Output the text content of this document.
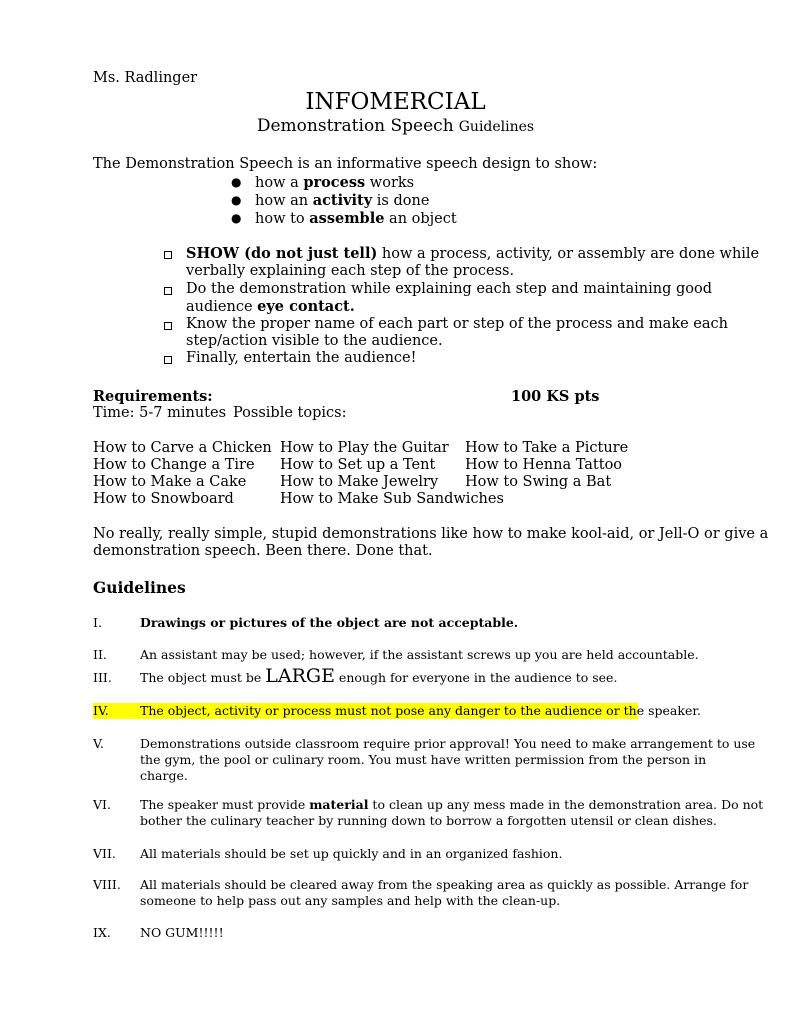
Ms. Radlinger
INFOMERCIAL
Demonstration Speech Guidelines
The Demonstration Speech is an informative speech design to show:
● how a process works
● how an activity is done
● how to assemble an object
SHOW (do not just tell) how a process, activity, or assembly are done while
verbally explaining each step of the process.
Do the demonstration while explaining each step and maintaining good
audience eye contact.
Know the proper name of each part or step of the process and make each
step/action visible to the audience.
Finally, entertain the audience!
Requirements:	100 KS pts
Time: 5-7 minutes Possible topics:
How to Carve a Chicken How to Play the Guitar How to Take a Picture
How to Change a Tire How to Set up a Tent How to Henna Tattoo
How to Make a Cake How to Make Jewelry How to Swing a Bat
How to Snowboard	How to Make Sub Sandwiches
No really, really simple, stupid demonstrations like how to make kool-aid, or Jell-O or give a
demonstration speech. Been there. Done that.
Guidelines
I.	Drawings or pictures of the object are not acceptable.
II.	An assistant may be used; however, if the assistant screws up you are held accountable.
III. The object must be LARGE enough for everyone in the audience to see.
IV. The object, activity or process must not pose any danger to the audience or the speaker.
V.	Demonstrations outside classroom require prior approval! You need to make arrangement to use
the gym, the pool or culinary room. You must have written permission from the person in
charge.
VI. The speaker must provide material to clean up any mess made in the demonstration area. Do not
bother the culinary teacher by running down to borrow a forgotten utensil or clean dishes.
VII. All materials should be set up quickly and in an organized fashion.
VIII. All materials should be cleared away from the speaking area as quickly as possible. Arrange for
someone to help pass out any samples and help with the clean-up.
IX. NO GUM!!!!!
